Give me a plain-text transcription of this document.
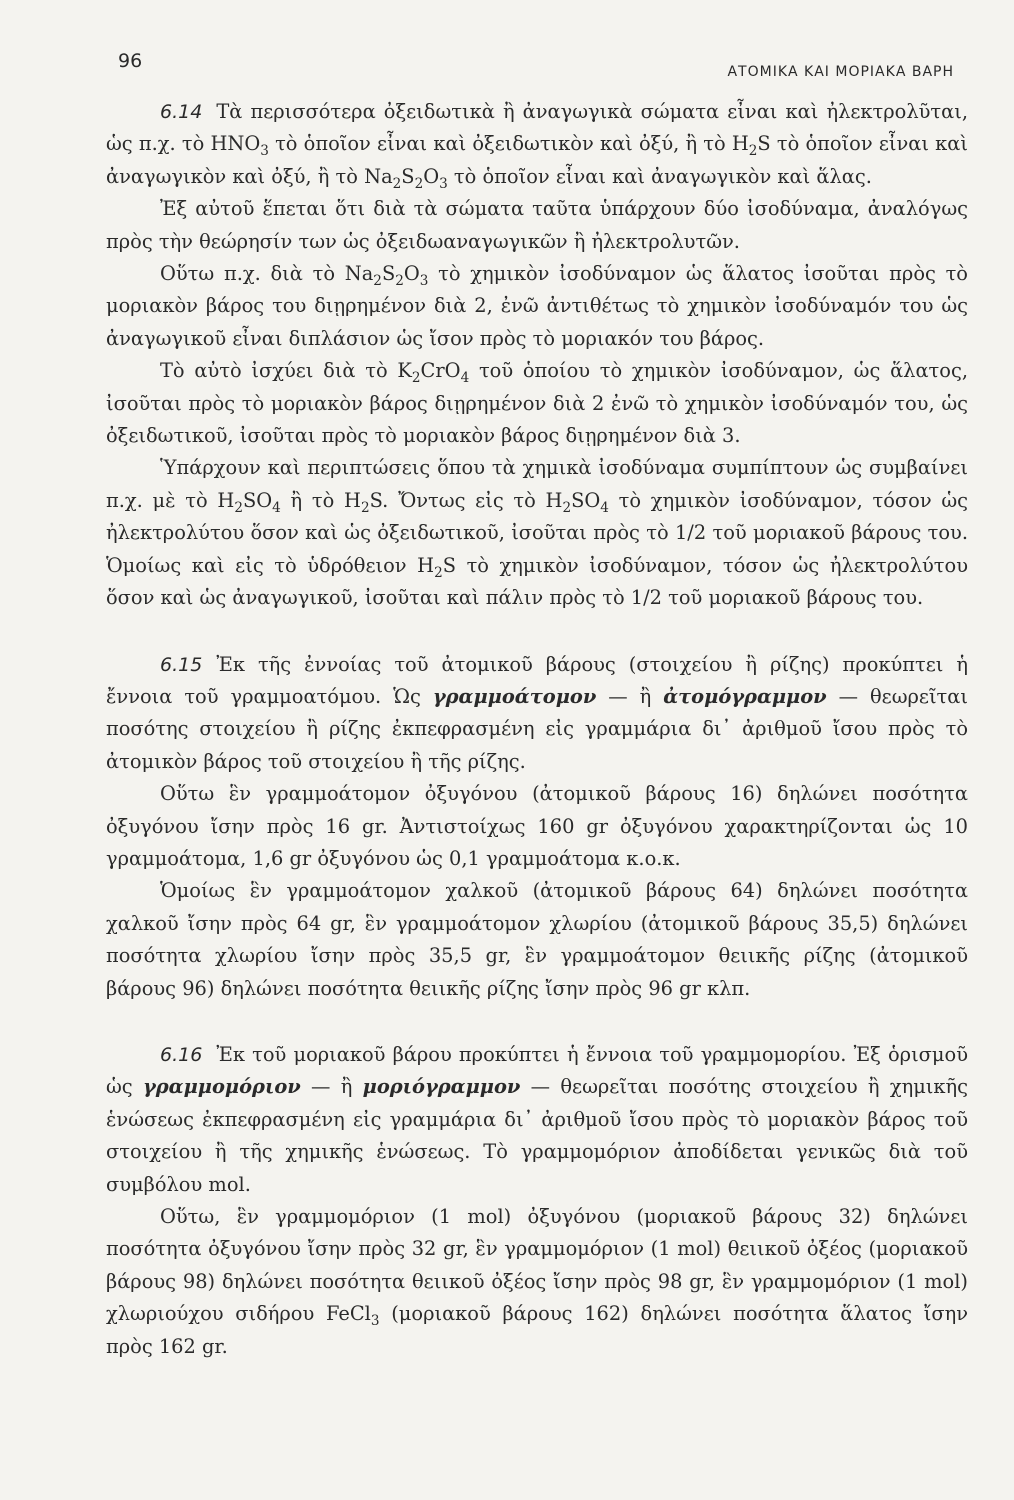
96	ΑΤΟΜΙΚΑ ΚΑΙ ΜΟΡΙΑΚΑ ΒΑΡΗ

6.14 Τὰ περισσότερα ὀξειδωτικὰ ἢ ἀναγωγικὰ σώματα εἶναι καὶ ἠλεκτρολῦται, ὡς π.χ. τὸ $HNO_3$ τὸ ὁποῖον εἶναι καὶ ὀξειδωτικὸν καὶ ὀξύ, ἢ τὸ $H_2S$ τὸ ὁποῖον εἶναι καὶ ἀναγωγικὸν καὶ ὀξύ, ἢ τὸ $Na_2S_2O_3$ τὸ ὁποῖον εἶναι καὶ ἀναγωγικὸν καὶ ἅλας.

Ἐξ αὐτοῦ ἕπεται ὅτι διὰ τὰ σώματα ταῦτα ὑπάρχουν δύο ἰσοδύναμα, ἀναλόγως πρὸς τὴν θεώρησίν των ὡς ὀξειδωαναγωγικῶν ἢ ἠλεκτρολυτῶν.

Οὕτω π.χ. διὰ τὸ $Na_2S_2O_3$ τὸ χημικὸν ἰσοδύναμον ὡς ἅλατος ἰσοῦται πρὸς τὸ μοριακὸν βάρος του διῃρημένον διὰ 2, ἐνῶ ἀντιθέτως τὸ χημικὸν ἰσοδύναμόν του ὡς ἀναγωγικοῦ εἶναι διπλάσιον ὡς ἴσον πρὸς τὸ μοριακόν του βάρος.

Τὸ αὐτὸ ἰσχύει διὰ τὸ $K_2CrO_4$ τοῦ ὁποίου τὸ χημικὸν ἰσοδύναμον, ὡς ἅλατος, ἰσοῦται πρὸς τὸ μοριακὸν βάρος διῃρημένον διὰ 2 ἐνῶ τὸ χημικὸν ἰσοδύναμόν του, ὡς ὀξειδωτικοῦ, ἰσοῦται πρὸς τὸ μοριακὸν βάρος διῃρημένον διὰ 3.

Ὑπάρχουν καὶ περιπτώσεις ὅπου τὰ χημικὰ ἰσοδύναμα συμπίπτουν ὡς συμβαίνει π.χ. μὲ τὸ $H_2SO_4$ ἢ τὸ $H_2S$. Ὄντως εἰς τὸ $H_2SO_4$ τὸ χημικὸν ἰσοδύναμον, τόσον ὡς ἠλεκτρολύτου ὅσον καὶ ὡς ὀξειδωτικοῦ, ἰσοῦται πρὸς τὸ 1/2 τοῦ μοριακοῦ βάρους του. Ὁμοίως καὶ εἰς τὸ ὑδρόθειον $H_2S$ τὸ χημικὸν ἰσοδύναμον, τόσον ὡς ἠλεκτρολύτου ὅσον καὶ ὡς ἀναγωγικοῦ, ἰσοῦται καὶ πάλιν πρὸς τὸ 1/2 τοῦ μοριακοῦ βάρους του.

6.15 Ἐκ τῆς ἐννοίας τοῦ ἀτομικοῦ βάρους (στοιχείου ἢ ρίζης) προκύπτει ἡ ἔννοια τοῦ γραμμοατόμου. Ὡς γραμμοάτομον — ἢ ἀτομόγραμμον — θεωρεῖται ποσότης στοιχείου ἢ ρίζης ἐκπεφρασμένη εἰς γραμμάρια δι᾽ ἀριθμοῦ ἴσου πρὸς τὸ ἀτομικὸν βάρος τοῦ στοιχείου ἢ τῆς ρίζης.

Οὕτω ἓν γραμμοάτομον ὀξυγόνου (ἀτομικοῦ βάρους 16) δηλώνει ποσότητα ὀξυγόνου ἴσην πρὸς 16 gr. Ἀντιστοίχως 160 gr ὀξυγόνου χαρακτηρίζονται ὡς 10 γραμμοάτομα, 1,6 gr ὀξυγόνου ὡς 0,1 γραμμοάτομα κ.ο.κ.

Ὁμοίως ἓν γραμμοάτομον χαλκοῦ (ἀτομικοῦ βάρους 64) δηλώνει ποσότητα χαλκοῦ ἴσην πρὸς 64 gr, ἓν γραμμοάτομον χλωρίου (ἀτομικοῦ βάρους 35,5) δηλώνει ποσότητα χλωρίου ἴσην πρὸς 35,5 gr, ἓν γραμμοάτομον θειικῆς ρίζης (ἀτομικοῦ βάρους 96) δηλώνει ποσότητα θειικῆς ρίζης ἴσην πρὸς 96 gr κλπ.

6.16 Ἐκ τοῦ μοριακοῦ βάρου προκύπτει ἡ ἔννοια τοῦ γραμμομορίου. Ἐξ ὁρισμοῦ ὡς γραμμομόριον — ἢ μοριόγραμμον — θεωρεῖται ποσότης στοιχείου ἢ χημικῆς ἑνώσεως ἐκπεφρασμένη εἰς γραμμάρια δι᾽ ἀριθμοῦ ἴσου πρὸς τὸ μοριακὸν βάρος τοῦ στοιχείου ἢ τῆς χημικῆς ἑνώσεως. Τὸ γραμμομόριον ἀποδίδεται γενικῶς διὰ τοῦ συμβόλου mol.

Οὕτω, ἓν γραμμομόριον (1 mol) ὀξυγόνου (μοριακοῦ βάρους 32) δηλώνει ποσότητα ὀξυγόνου ἴσην πρὸς 32 gr, ἓν γραμμομόριον (1 mol) θειικοῦ ὀξέος (μοριακοῦ βάρους 98) δηλώνει ποσότητα θειικοῦ ὀξέος ἴσην πρὸς 98 gr, ἓν γραμμομόριον (1 mol) χλωριούχου σιδήρου FeCl$_3$ (μοριακοῦ βάρους 162) δηλώνει ποσότητα ἅλατος ἴσην πρὸς 162 gr.
